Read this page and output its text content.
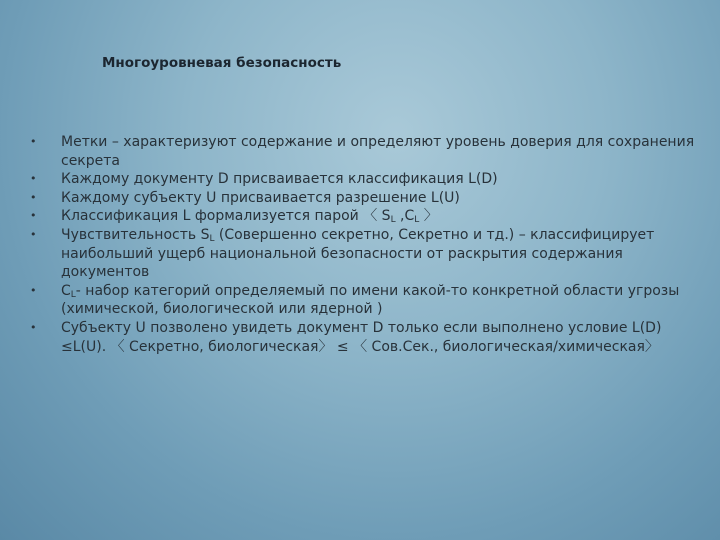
Многоуровневая безопасность
• Метки – характеризуют содержание и определяют уровень доверия для сохранения секрета
• Каждому документу D присваивается классификация L(D)
• Каждому субъекту U присваивается разрешение L(U)
• Классификация L формализуется парой 〈 $S_L$ $,C_L$ 〉
• Чувствительность $S_L$ (Совершенно секретно, Секретно и тд.) – классифицирует наибольший ущерб национальной безопасности от раскрытия содержания документов
• $C_L-$ набор категорий определяемый по имени какой-то конкретной области угрозы (химической, биологической или ядерной )
• Субъекту U позволено увидеть документ D только если выполнено условие L(D) ≤L(U). 〈 Секретно, биологическая〉 ≤ 〈 Сов.Сек., биологическая/химическая〉
